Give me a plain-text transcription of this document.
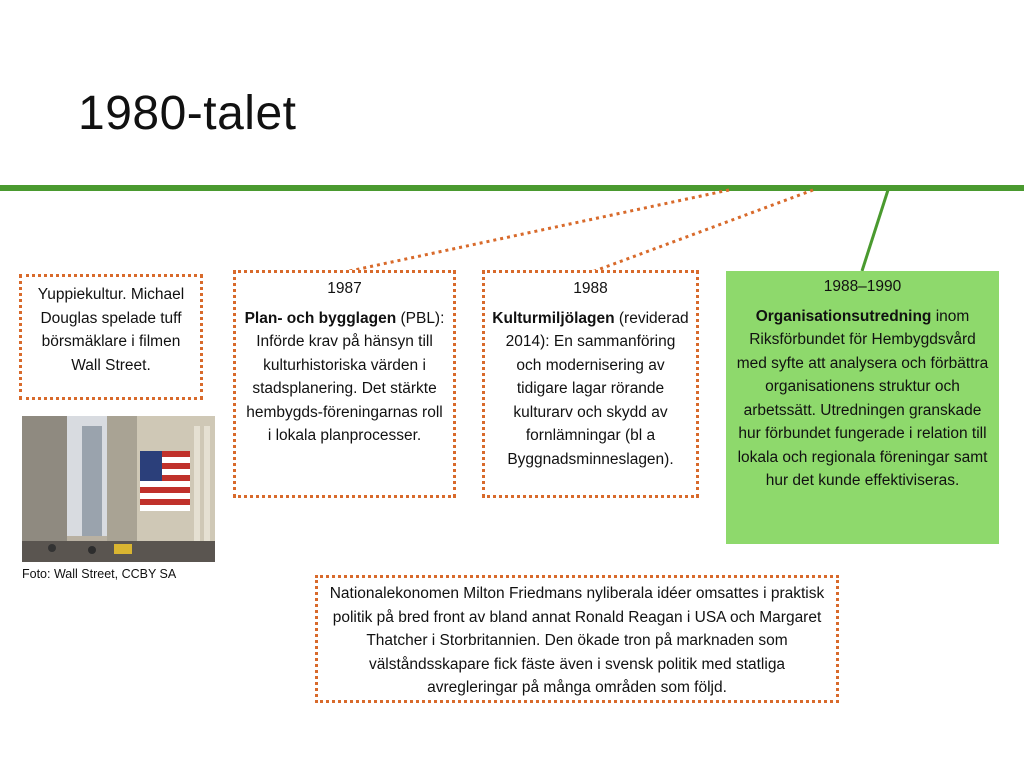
1980-talet
Yuppiekultur. Michael Douglas spelade tuff börsmäklare i filmen Wall Street.
Foto: Wall Street, CCBY SA
1987
Plan- och bygglagen (PBL): Införde krav på hänsyn till kulturhistoriska värden i stadsplanering. Det stärkte hembygds-föreningarnas roll i lokala planprocesser.
1988
Kulturmiljölagen (reviderad 2014): En sammanföring och modernisering av tidigare lagar rörande kulturarv och skydd av fornlämningar (bl a Byggnadsminneslagen).
1988–1990
Organisationsutredning inom Riksförbundet för Hembygdsvård med syfte att analysera och förbättra organisationens struktur och arbetssätt. Utredningen granskade hur förbundet fungerade i relation till lokala och regionala föreningar samt hur det kunde effektiviseras.
Nationalekonomen Milton Friedmans nyliberala idéer omsattes i praktisk politik på bred front av bland annat Ronald Reagan i USA och Margaret Thatcher i Storbritannien. Den ökade tron på marknaden som välståndsskapare fick fäste även i svensk politik med statliga avregleringar på många områden som följd.
